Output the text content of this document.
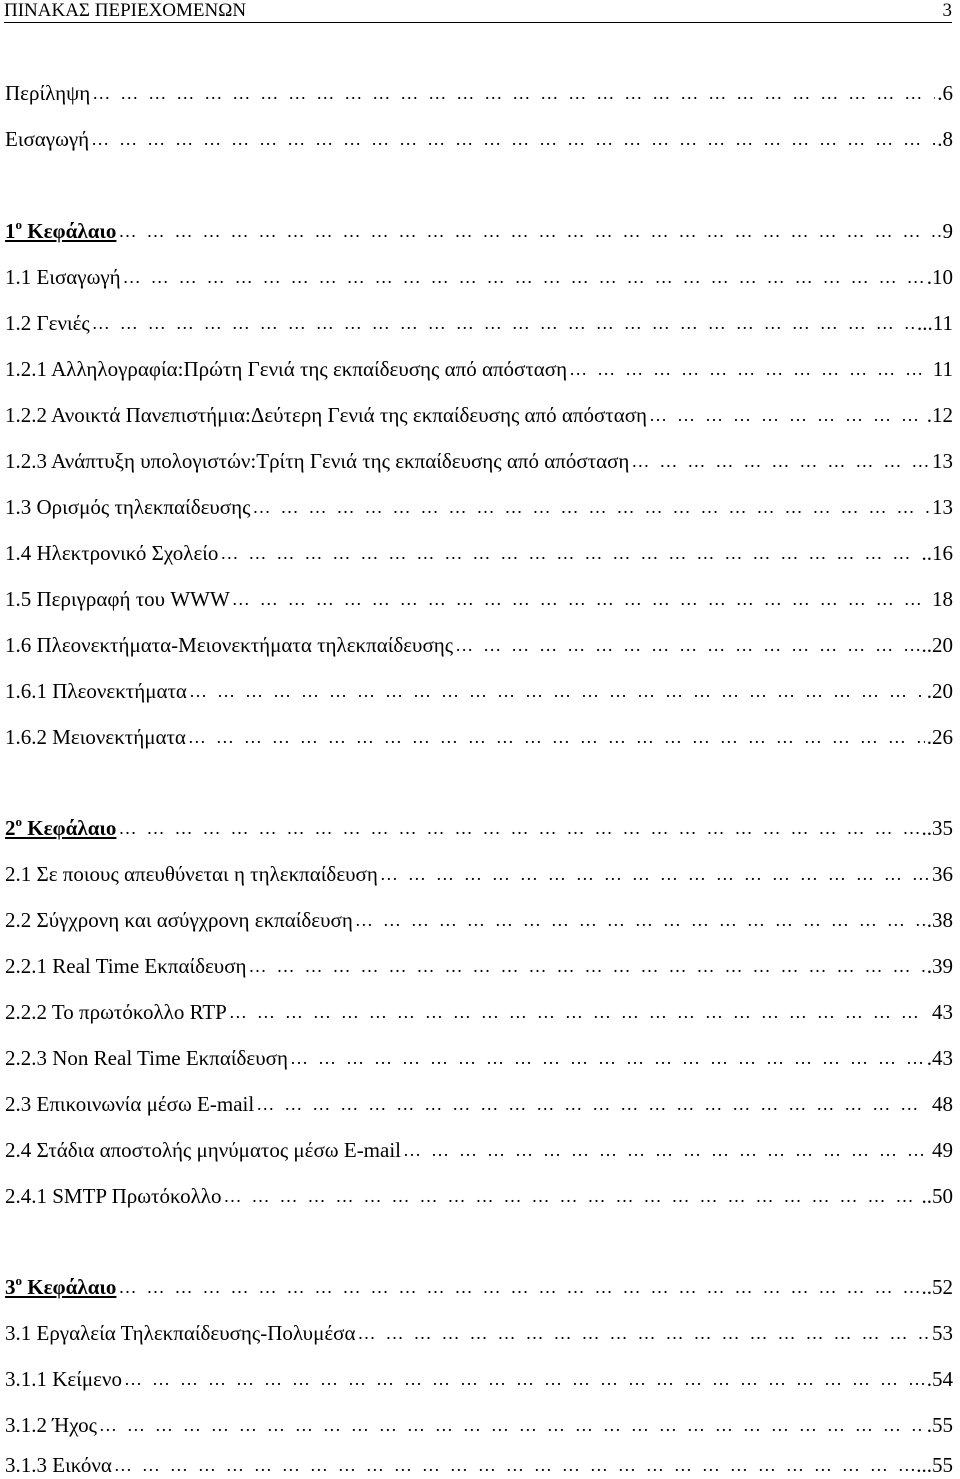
ΠΙΝΑΚΑΣ ΠΕΡΙΕΧΟΜΕΝΩΝ	3
Περίληψη …………………………………………………………………………………………………………………………………………………………………	.6
Εισαγωγή …………………………………………………………………………………………………………………………………………………………………	.8
1$^o$ Κεφάλαιο …………………………………………………………………………………………………………………………………………………………………	9
1.1 Εισαγωγή …………………………………………………………………………………………………………………………………………………………………	.10
1.2 Γενιές …………………………………………………………………………………………………………………………………………………………………	...11
1.2.1 Αλληλογραφία:Πρώτη Γενιά της εκπαίδευσης από απόσταση …………………………………………………………………………………………………………………………………………………………………	11
1.2.2 Ανοικτά Πανεπιστήμια:Δεύτερη Γενιά της εκπαίδευσης από απόσταση …………………………………………………………………………………………………………………………………………………………………	.12
1.2.3 Ανάπτυξη υπολογιστών:Τρίτη Γενιά της εκπαίδευσης από απόσταση …………………………………………………………………………………………………………………………………………………………………	13
1.3 Ορισμός τηλεκπαίδευσης …………………………………………………………………………………………………………………………………………………………………	13
1.4 Ηλεκτρονικό Σχολείο …………………………………………………………………………………………………………………………………………………………………	..16
1.5 Περιγραφή του WWW …………………………………………………………………………………………………………………………………………………………………	18
1.6 Πλεονεκτήματα-Μειονεκτήματα τηλεκπαίδευσης …………………………………………………………………………………………………………………………………………………………………	..20
1.6.1 Πλεονεκτήματα …………………………………………………………………………………………………………………………………………………………………	.20
1.6.2 Μειονεκτήματα …………………………………………………………………………………………………………………………………………………………………	.26
2$^o$ Κεφάλαιο …………………………………………………………………………………………………………………………………………………………………	..35
2.1 Σε ποιους απευθύνεται η τηλεκπαίδευση …………………………………………………………………………………………………………………………………………………………………	36
2.2 Σύγχρονη και ασύγχρονη εκπαίδευση …………………………………………………………………………………………………………………………………………………………………	.38
2.2.1 Real Time Εκπαίδευση …………………………………………………………………………………………………………………………………………………………………	.39
2.2.2 Το πρωτόκολλο RTP …………………………………………………………………………………………………………………………………………………………………	43
2.2.3 Non Real Time Εκπαίδευση …………………………………………………………………………………………………………………………………………………………………	.43
2.3 Επικοινωνία μέσω E-mail …………………………………………………………………………………………………………………………………………………………………	48
2.4 Στάδια αποστολής μηνύματος μέσω E-mail …………………………………………………………………………………………………………………………………………………………………	49
2.4.1 SMTP Πρωτόκολλο …………………………………………………………………………………………………………………………………………………………………	..50
3$^o$ Κεφάλαιο …………………………………………………………………………………………………………………………………………………………………	..52
3.1 Εργαλεία Τηλεκπαίδευσης-Πολυμέσα …………………………………………………………………………………………………………………………………………………………………	53
3.1.1 Κείμενο …………………………………………………………………………………………………………………………………………………………………	.54
3.1.2 Ήχος …………………………………………………………………………………………………………………………………………………………………	.55
3.1.3 Εικόνα …………………………………………………………………………………………………………………………………………………………………	...55
